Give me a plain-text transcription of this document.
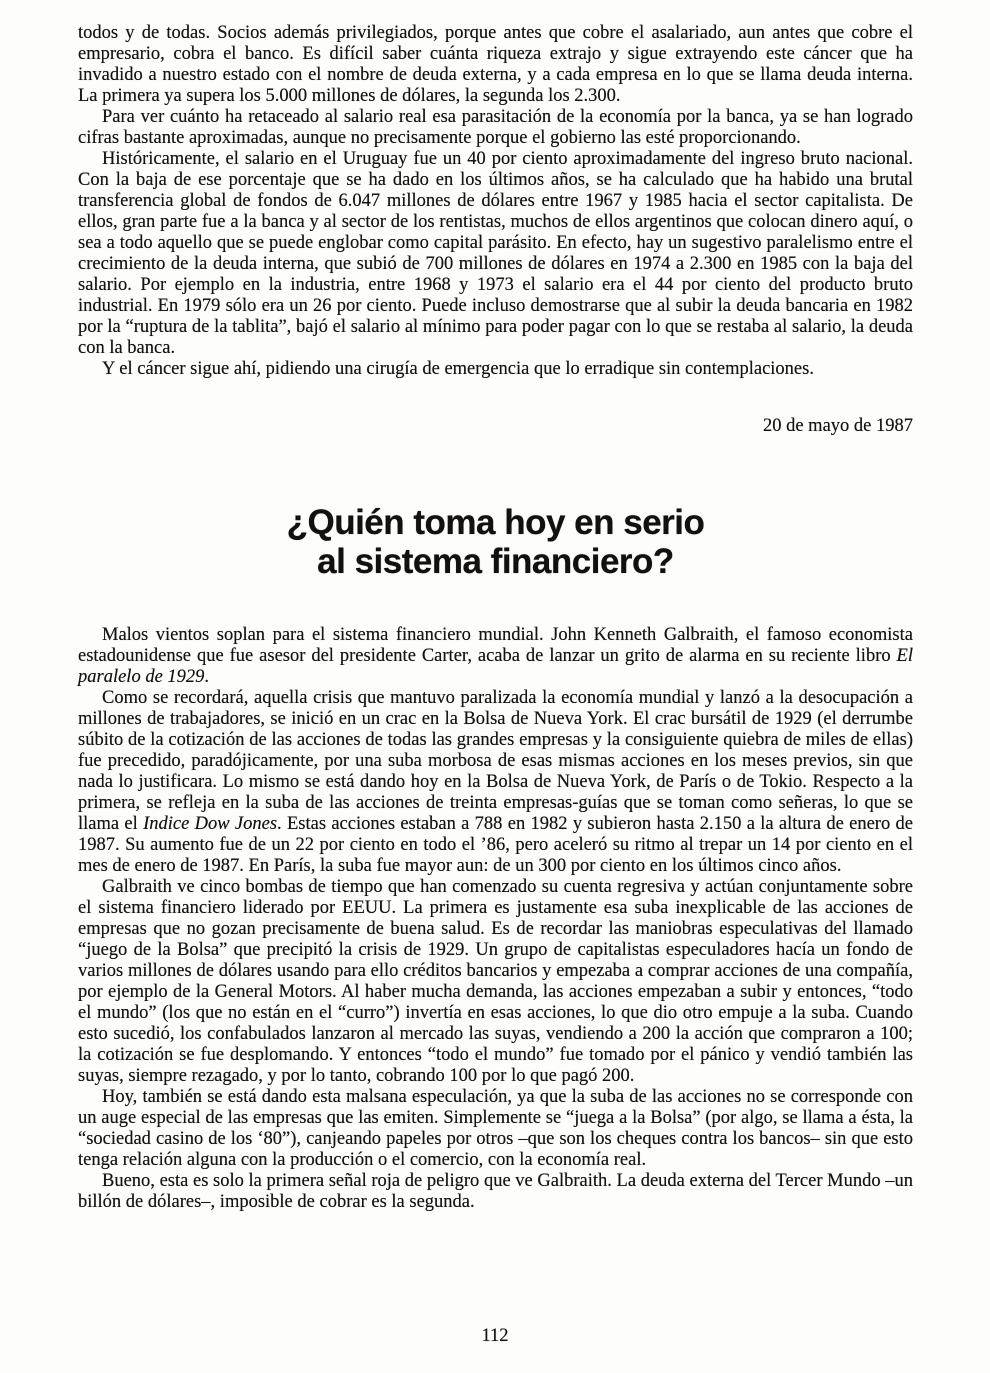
todos y de todas. Socios además privilegiados, porque antes que cobre el asalariado, aun antes que cobre el empresario, cobra el banco. Es difícil saber cuánta riqueza extrajo y sigue extrayendo este cáncer que ha invadido a nuestro estado con el nombre de deuda externa, y a cada empresa en lo que se llama deuda interna. La primera ya supera los 5.000 millones de dólares, la segunda los 2.300.

Para ver cuánto ha retaceado al salario real esa parasitación de la economía por la banca, ya se han logrado cifras bastante aproximadas, aunque no precisamente porque el gobierno las esté proporcionando.

Históricamente, el salario en el Uruguay fue un 40 por ciento aproximadamente del ingreso bruto nacional. Con la baja de ese porcentaje que se ha dado en los últimos años, se ha calculado que ha habido una brutal transferencia global de fondos de 6.047 millones de dólares entre 1967 y 1985 hacia el sector capitalista. De ellos, gran parte fue a la banca y al sector de los rentistas, muchos de ellos argentinos que colocan dinero aquí, o sea a todo aquello que se puede englobar como capital parásito. En efecto, hay un sugestivo paralelismo entre el crecimiento de la deuda interna, que subió de 700 millones de dólares en 1974 a 2.300 en 1985 con la baja del salario. Por ejemplo en la industria, entre 1968 y 1973 el salario era el 44 por ciento del producto bruto industrial. En 1979 sólo era un 26 por ciento. Puede incluso demostrarse que al subir la deuda bancaria en 1982 por la “ruptura de la tablita”, bajó el salario al mínimo para poder pagar con lo que se restaba al salario, la deuda con la banca.

Y el cáncer sigue ahí, pidiendo una cirugía de emergencia que lo erradique sin contemplaciones.

20 de mayo de 1987

¿Quién toma hoy en serio
al sistema financiero?

Malos vientos soplan para el sistema financiero mundial. John Kenneth Galbraith, el famoso economista estadounidense que fue asesor del presidente Carter, acaba de lanzar un grito de alarma en su reciente libro El paralelo de 1929.

Como se recordará, aquella crisis que mantuvo paralizada la economía mundial y lanzó a la desocupación a millones de trabajadores, se inició en un crac en la Bolsa de Nueva York. El crac bursátil de 1929 (el derrumbe súbito de la cotización de las acciones de todas las grandes empresas y la consiguiente quiebra de miles de ellas) fue precedido, paradójicamente, por una suba morbosa de esas mismas acciones en los meses previos, sin que nada lo justificara. Lo mismo se está dando hoy en la Bolsa de Nueva York, de París o de Tokio. Respecto a la primera, se refleja en la suba de las acciones de treinta empresas-guías que se toman como señeras, lo que se llama el Indice Dow Jones. Estas acciones estaban a 788 en 1982 y subieron hasta 2.150 a la altura de enero de 1987. Su aumento fue de un 22 por ciento en todo el ’86, pero aceleró su ritmo al trepar un 14 por ciento en el mes de enero de 1987. En París, la suba fue mayor aun: de un 300 por ciento en los últimos cinco años.

Galbraith ve cinco bombas de tiempo que han comenzado su cuenta regresiva y actúan conjuntamente sobre el sistema financiero liderado por EEUU. La primera es justamente esa suba inexplicable de las acciones de empresas que no gozan precisamente de buena salud. Es de recordar las maniobras especulativas del llamado “juego de la Bolsa” que precipitó la crisis de 1929. Un grupo de capitalistas especuladores hacía un fondo de varios millones de dólares usando para ello créditos bancarios y empezaba a comprar acciones de una compañía, por ejemplo de la General Motors. Al haber mucha demanda, las acciones empezaban a subir y entonces, “todo el mundo” (los que no están en el “curro”) invertía en esas acciones, lo que dio otro empuje a la suba. Cuando esto sucedió, los confabulados lanzaron al mercado las suyas, vendiendo a 200 la acción que compraron a 100; la cotización se fue desplomando. Y entonces “todo el mundo” fue tomado por el pánico y vendió también las suyas, siempre rezagado, y por lo tanto, cobrando 100 por lo que pagó 200.

Hoy, también se está dando esta malsana especulación, ya que la suba de las acciones no se corresponde con un auge especial de las empresas que las emiten. Simplemente se “juega a la Bolsa” (por algo, se llama a ésta, la “sociedad casino de los ‘80”), canjeando papeles por otros –que son los cheques contra los bancos– sin que esto tenga relación alguna con la producción o el comercio, con la economía real.

Bueno, esta es solo la primera señal roja de peligro que ve Galbraith. La deuda externa del Tercer Mundo –un billón de dólares–, imposible de cobrar es la segunda.

112
